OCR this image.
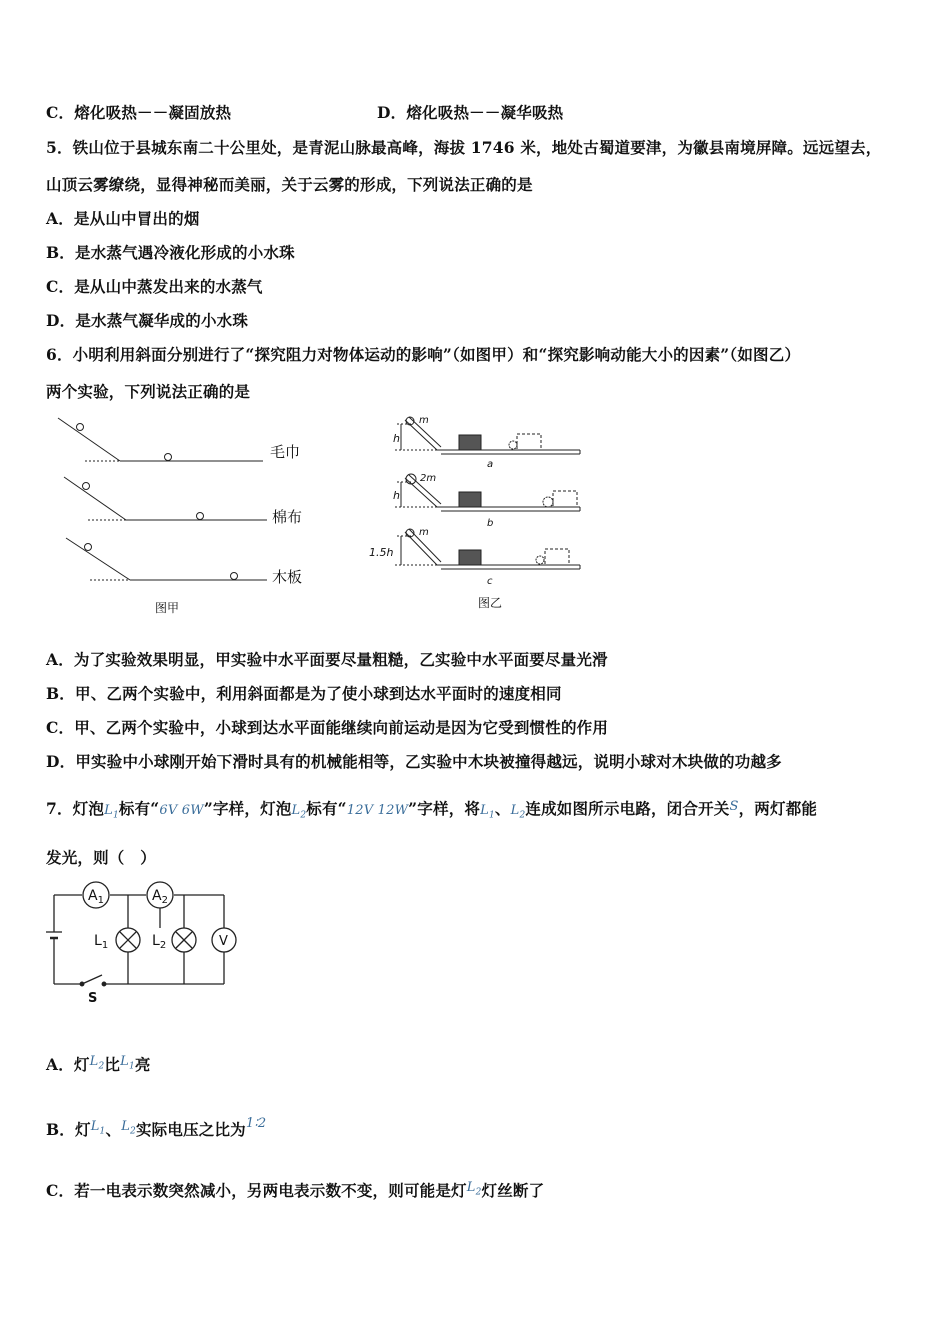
C．熔化吸热－－凝固放热	D．熔化吸热－－凝华吸热
5．铁山位于县城东南二十公里处，是青泥山脉最高峰，海拔 1746 米，地处古蜀道要津，为徽县南境屏障。远远望去，
山顶云雾缭绕，显得神秘而美丽，关于云雾的形成，下列说法正确的是
A．是从山中冒出的烟
B．是水蒸气遇冷液化形成的小水珠
C．是从山中蒸发出来的水蒸气
D．是水蒸气凝华成的小水珠
6．小明利用斜面分别进行了“探究阻力对物体运动的影响”（如图甲）和“探究影响动能大小的因素”（如图乙）
两个实验，下列说法正确的是
毛巾
棉布
木板
图甲
m
h
a
2m
h
b
m
1.5h
c
图乙
A．为了实验效果明显，甲实验中水平面要尽量粗糙，乙实验中水平面要尽量光滑
B．甲、乙两个实验中，利用斜面都是为了使小球到达水平面时的速度相同
C．甲、乙两个实验中，小球到达水平面能继续向前运动是因为它受到惯性的作用
D．甲实验中小球刚开始下滑时具有的机械能相等，乙实验中木块被撞得越远，说明小球对木块做的功越多
7．灯泡$L_1$标有“6V 6W”字样，灯泡$L_2$标有“12V 12W”字样，将$L_1$、$L_2$连成如图所示电路，闭合开关$^S$，两灯都能
发光，则（　）
$A_1$	$A_2$
$L_1$	$L_2$	V
S
A．灯$^{L_2}$比$^{L_1}$亮
B．灯$^{L_1}$、$^{L_2}$实际电压之比为$^{1∶2}$
C．若一电表示数突然减小，另两电表示数不变，则可能是灯$^{L_2}$灯丝断了
